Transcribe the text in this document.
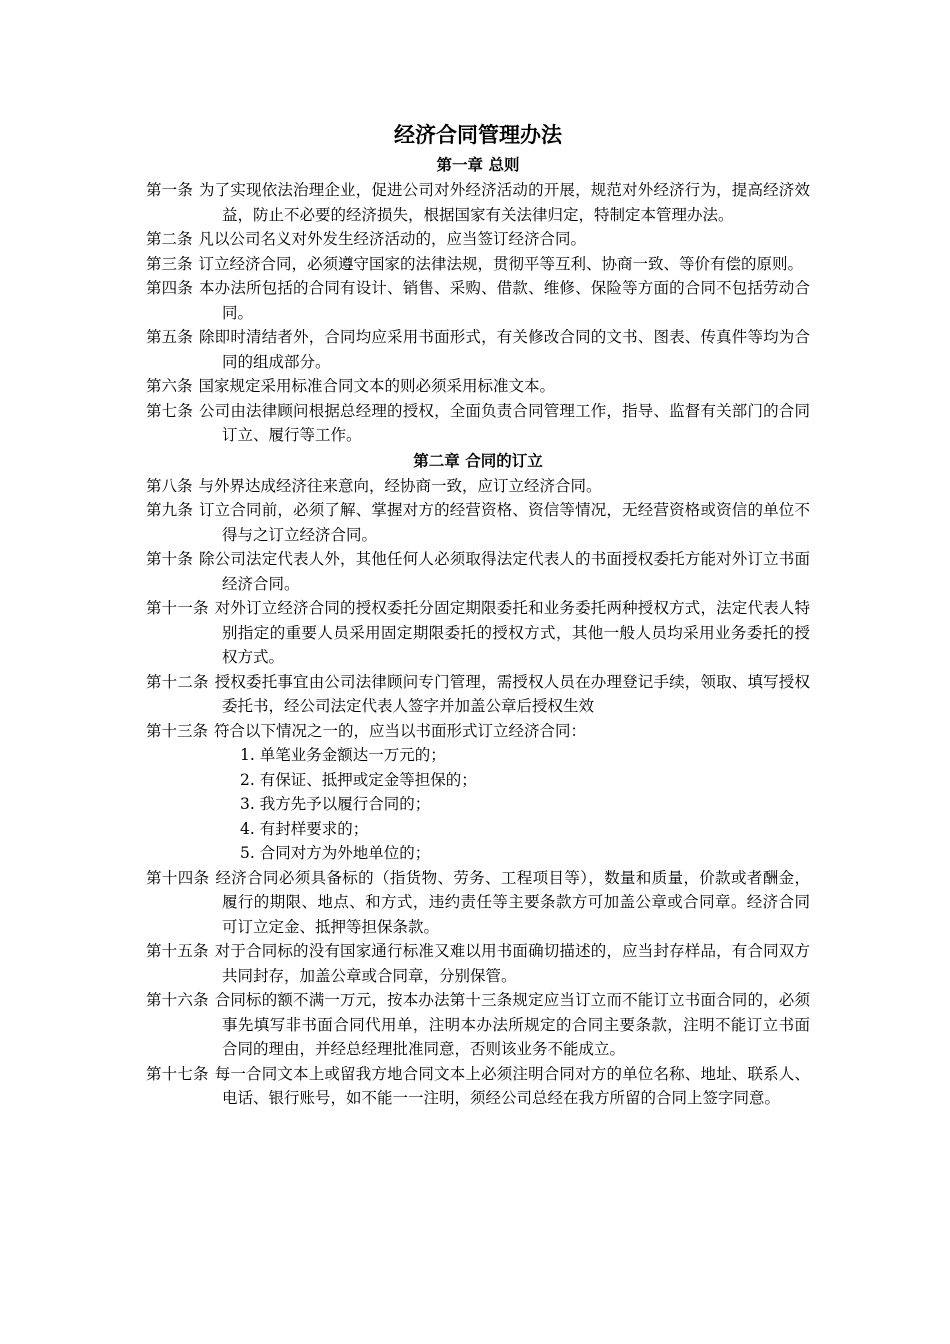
经济合同管理办法
第一章 总则

第一条 为了实现依法治理企业，促进公司对外经济活动的开展，规范对外经济行为，提高经济效益，防止不必要的经济损失，根据国家有关法律归定，特制定本管理办法。

第二条 凡以公司名义对外发生经济活动的，应当签订经济合同。

第三条 订立经济合同，必须遵守国家的法律法规，贯彻平等互利、协商一致、等价有偿的原则。

第四条 本办法所包括的合同有设计、销售、采购、借款、维修、保险等方面的合同不包括劳动合同。

第五条 除即时清结者外，合同均应采用书面形式，有关修改合同的文书、图表、传真件等均为合同的组成部分。

第六条 国家规定采用标准合同文本的则必须采用标准文本。

第七条 公司由法律顾问根据总经理的授权，全面负责合同管理工作，指导、监督有关部门的合同订立、履行等工作。

第二章 合同的订立

第八条 与外界达成经济往来意向，经协商一致，应订立经济合同。

第九条 订立合同前，必须了解、掌握对方的经营资格、资信等情况，无经营资格或资信的单位不得与之订立经济合同。

第十条 除公司法定代表人外，其他任何人必须取得法定代表人的书面授权委托方能对外订立书面经济合同。

第十一条 对外订立经济合同的授权委托分固定期限委托和业务委托两种授权方式，法定代表人特别指定的重要人员采用固定期限委托的授权方式，其他一般人员均采用业务委托的授权方式。

第十二条 授权委托事宜由公司法律顾问专门管理，需授权人员在办理登记手续，领取、填写授权委托书，经公司法定代表人签字并加盖公章后授权生效

第十三条 符合以下情况之一的，应当以书面形式订立经济合同：

1. 单笔业务金额达一万元的；
2. 有保证、抵押或定金等担保的；
3. 我方先予以履行合同的；
4. 有封样要求的；
5. 合同对方为外地单位的；

第十四条 经济合同必须具备标的（指货物、劳务、工程项目等），数量和质量，价款或者酬金，履行的期限、地点、和方式，违约责任等主要条款方可加盖公章或合同章。经济合同可订立定金、抵押等担保条款。

第十五条 对于合同标的没有国家通行标准又难以用书面确切描述的，应当封存样品，有合同双方共同封存，加盖公章或合同章，分别保管。

第十六条 合同标的额不满一万元，按本办法第十三条规定应当订立而不能订立书面合同的，必须事先填写非书面合同代用单，注明本办法所规定的合同主要条款，注明不能订立书面合同的理由，并经总经理批准同意，否则该业务不能成立。

第十七条 每一合同文本上或留我方地合同文本上必须注明合同对方的单位名称、地址、联系人、电话、银行账号，如不能一一注明，须经公司总经在我方所留的合同上签字同意。
